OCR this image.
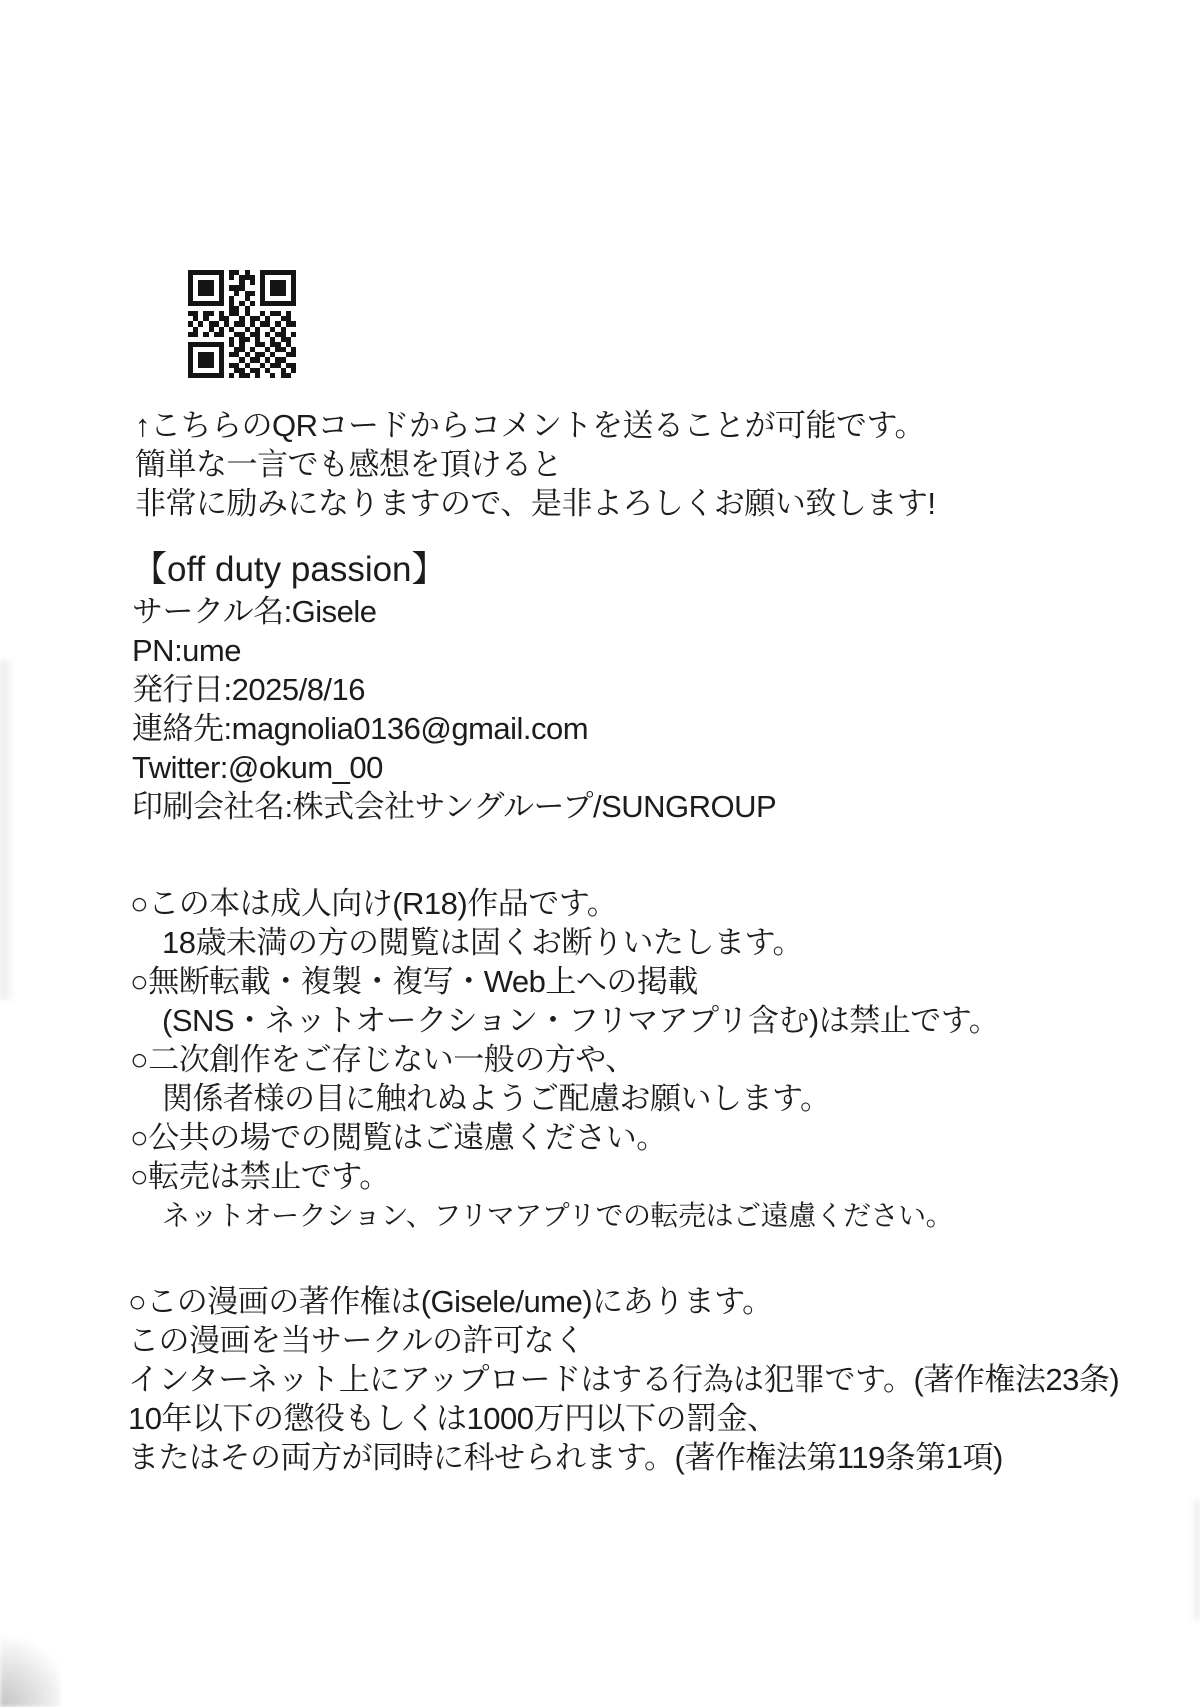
↑こちらのQRコードからコメントを送ることが可能です。
簡単な一言でも感想を頂けると
非常に励みになりますので、是非よろしくお願い致します!
【off duty passion】
サークル名:Gisele
PN:ume
発行日:2025/8/16
連絡先:magnolia0136@gmail.com
Twitter:@okum_00
印刷会社名:株式会社サングループ/SUNGROUP
○この本は成人向け(R18)作品です。
18歳未満の方の閲覧は固くお断りいたします。
○無断転載・複製・複写・Web上への掲載
(SNS・ネットオークション・フリマアプリ含む)は禁止です。
○二次創作をご存じない一般の方や、
関係者様の目に触れぬようご配慮お願いします。
○公共の場での閲覧はご遠慮ください。
○転売は禁止です。
ネットオークション、フリマアプリでの転売はご遠慮ください。
○この漫画の著作権は(Gisele/ume)にあります。
この漫画を当サークルの許可なく
インターネット上にアップロードはする行為は犯罪です。(著作権法23条)
10年以下の懲役もしくは1000万円以下の罰金、
またはその両方が同時に科せられます。(著作権法第119条第1項)
